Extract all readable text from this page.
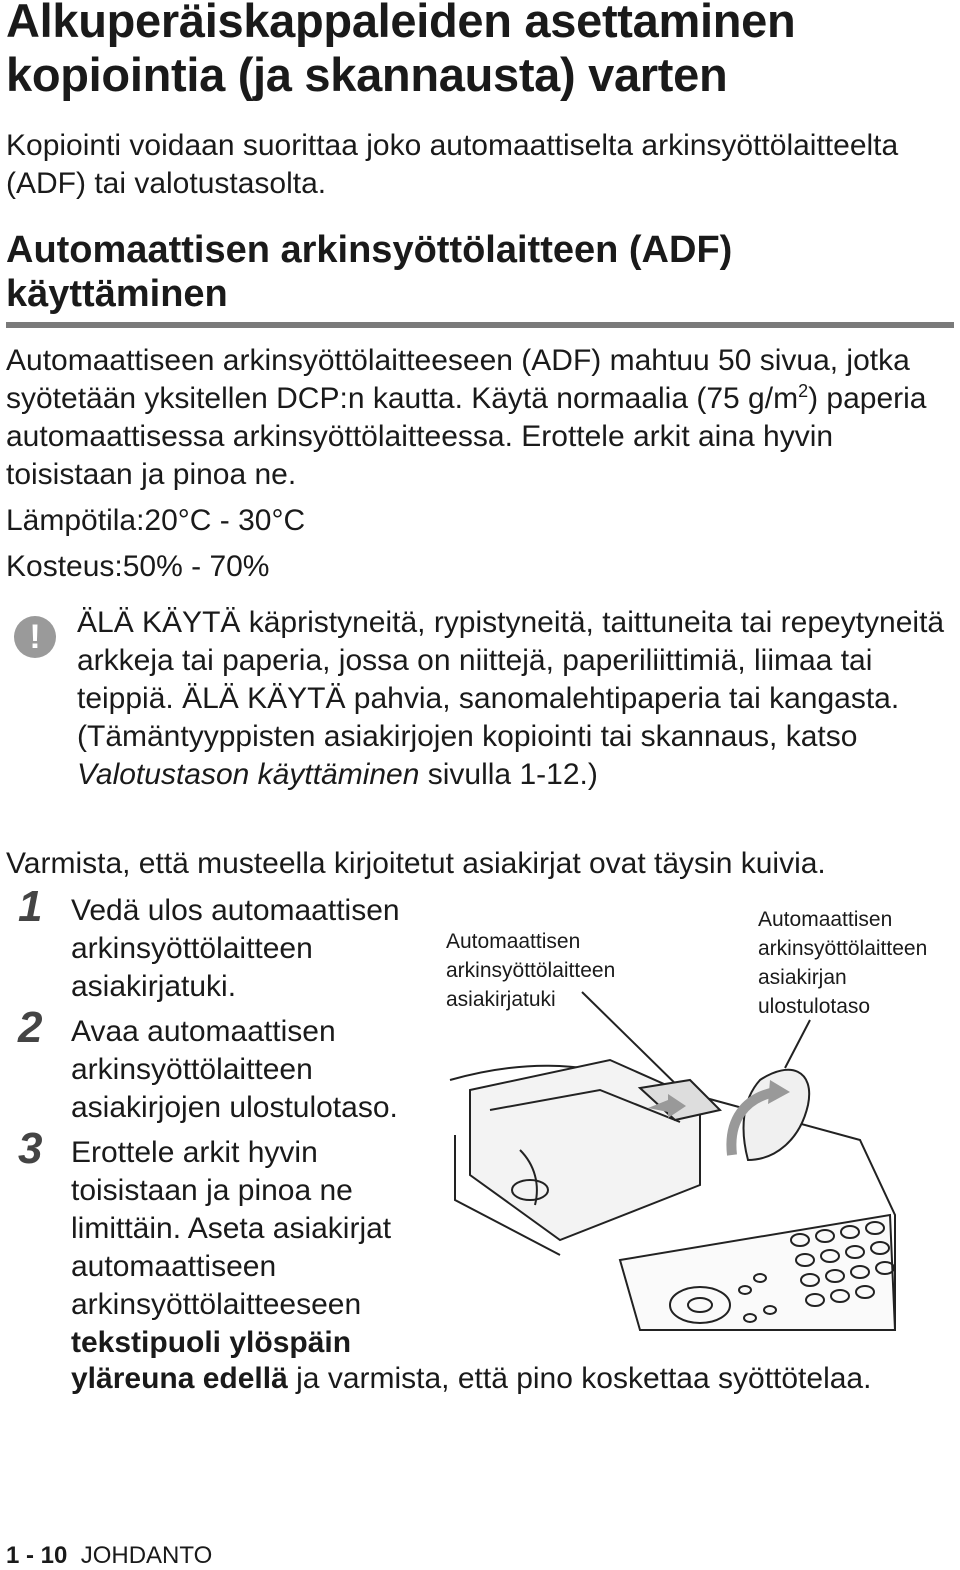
Alkuperäiskappaleiden asettaminen kopiointia (ja skannausta) varten

Kopiointi voidaan suorittaa joko automaattiselta arkinsyöttölaitteelta (ADF) tai valotustasolta.

Automaattisen arkinsyöttölaitteen (ADF) käyttäminen

Automaattiseen arkinsyöttölaitteeseen (ADF) mahtuu 50 sivua, jotka syötetään yksitellen DCP:n kautta. Käytä normaalia (75 $g/m^2$) paperia automaattisessa arkinsyöttölaitteessa. Erottele arkit aina hyvin toisistaan ja pinoa ne.

Lämpötila:20°C - 30°C

Kosteus:50% - 70%

!	ÄLÄ KÄYTÄ käpristyneitä, rypistyneitä, taittuneita tai repeytyneitä arkkeja tai paperia, jossa on niittejä, paperiliittimiä, liimaa tai teippiä. ÄLÄ KÄYTÄ pahvia, sanomalehtipaperia tai kangasta. (Tämäntyyppisten asiakirjojen kopiointi tai skannaus, katso Valotustason käyttäminen sivulla 1-12.)

Varmista, että musteella kirjoitetut asiakirjat ovat täysin kuivia.

1 Vedä ulos automaattisen arkinsyöttölaitteen asiakirjatuki.

2 Avaa automaattisen arkinsyöttölaitteen asiakirjojen ulostulotaso.

3 Erottele arkit hyvin toisistaan ja pinoa ne limittäin. Aseta asiakirjat automaattiseen arkinsyöttölaitteeseen tekstipuoli ylöspäin

yläreuna edellä ja varmista, että pino koskettaa syöttötelaa.

Automaattisen arkinsyöttölaitteen asiakirjatuki

Automaattisen arkinsyöttölaitteen asiakirjan ulostulotaso

1 - 10 JOHDANTO
